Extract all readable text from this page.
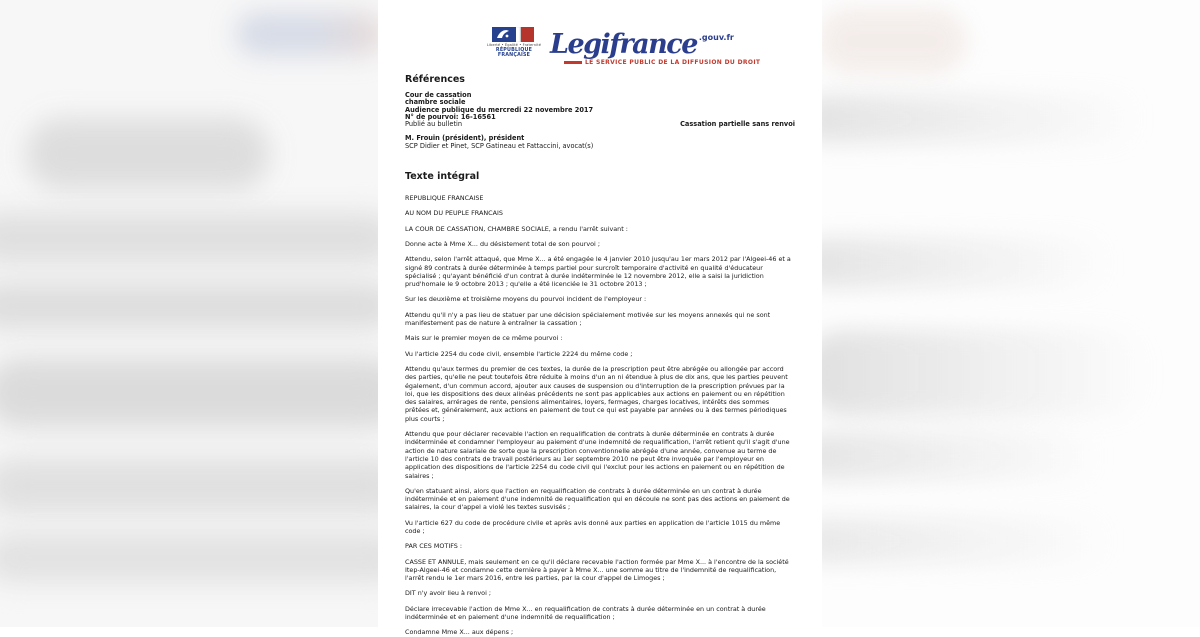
Liberté • Égalité • Fraternité
RÉPUBLIQUE FRANÇAISE Legifrance $^{.gouv.fr}$
LE SERVICE PUBLIC DE LA DIFFUSION DU DROIT
Références
Cour de cassation
chambre sociale
Audience publique du mercredi 22 novembre 2017
N° de pourvoi: 16-16561
Publié au bulletin	Cassation partielle sans renvoi
M. Frouin (président), président
SCP Didier et Pinet, SCP Gatineau et Fattaccini, avocat(s)
Texte intégral

REPUBLIQUE FRANCAISE

AU NOM DU PEUPLE FRANCAIS

LA COUR DE CASSATION, CHAMBRE SOCIALE, a rendu l'arrêt suivant :

Donne acte à Mme X... du désistement total de son pourvoi ;

Attendu, selon l'arrêt attaqué, que Mme X... a été engagée le 4 janvier 2010 jusqu'au 1er mars 2012 par l'Algeei-46 et a signé 89 contrats à durée déterminée à temps partiel pour surcroît temporaire d'activité en qualité d'éducateur spécialisé ; qu'ayant bénéficié d'un contrat à durée indéterminée le 12 novembre 2012, elle a saisi la juridiction prud'homale le 9 octobre 2013 ; qu'elle a été licenciée le 31 octobre 2013 ;

Sur les deuxième et troisième moyens du pourvoi incident de l'employeur :

Attendu qu'il n'y a pas lieu de statuer par une décision spécialement motivée sur les moyens annexés qui ne sont manifestement pas de nature à entraîner la cassation ;

Mais sur le premier moyen de ce même pourvoi :

Vu l'article 2254 du code civil, ensemble l'article 2224 du même code ;

Attendu qu'aux termes du premier de ces textes, la durée de la prescription peut être abrégée ou allongée par accord des parties, qu'elle ne peut toutefois être réduite à moins d'un an ni étendue à plus de dix ans, que les parties peuvent également, d'un commun accord, ajouter aux causes de suspension ou d'interruption de la prescription prévues par la loi, que les dispositions des deux alinéas précédents ne sont pas applicables aux actions en paiement ou en répétition des salaires, arrérages de rente, pensions alimentaires, loyers, fermages, charges locatives, intérêts des sommes prêtées et, généralement, aux actions en paiement de tout ce qui est payable par années ou à des termes périodiques plus courts ;

Attendu que pour déclarer recevable l'action en requalification de contrats à durée déterminée en contrats à durée indéterminée et condamner l'employeur au paiement d'une indemnité de requalification, l'arrêt retient qu'il s'agit d'une action de nature salariale de sorte que la prescription conventionnelle abrégée d'une année, convenue au terme de l'article 10 des contrats de travail postérieurs au 1er septembre 2010 ne peut être invoquée par l'employeur en application des dispositions de l'article 2254 du code civil qui l'exclut pour les actions en paiement ou en répétition de salaires ;

Qu'en statuant ainsi, alors que l'action en requalification de contrats à durée déterminée en un contrat à durée indéterminée et en paiement d'une indemnité de requalification qui en découle ne sont pas des actions en paiement de salaires, la cour d'appel a violé les textes susvisés ;

Vu l'article 627 du code de procédure civile et après avis donné aux parties en application de l'article 1015 du même code ;

PAR CES MOTIFS :

CASSE ET ANNULE, mais seulement en ce qu'il déclare recevable l'action formée par Mme X... à l'encontre de la société Itep-Algeei-46 et condamne cette dernière à payer à Mme X... une somme au titre de l'indemnité de requalification, l'arrêt rendu le 1er mars 2016, entre les parties, par la cour d'appel de Limoges ;

DIT n'y avoir lieu à renvoi ;

Déclare irrecevable l'action de Mme X... en requalification de contrats à durée déterminée en un contrat à durée indéterminée et en paiement d'une indemnité de requalification ;

Condamne Mme X... aux dépens ;
